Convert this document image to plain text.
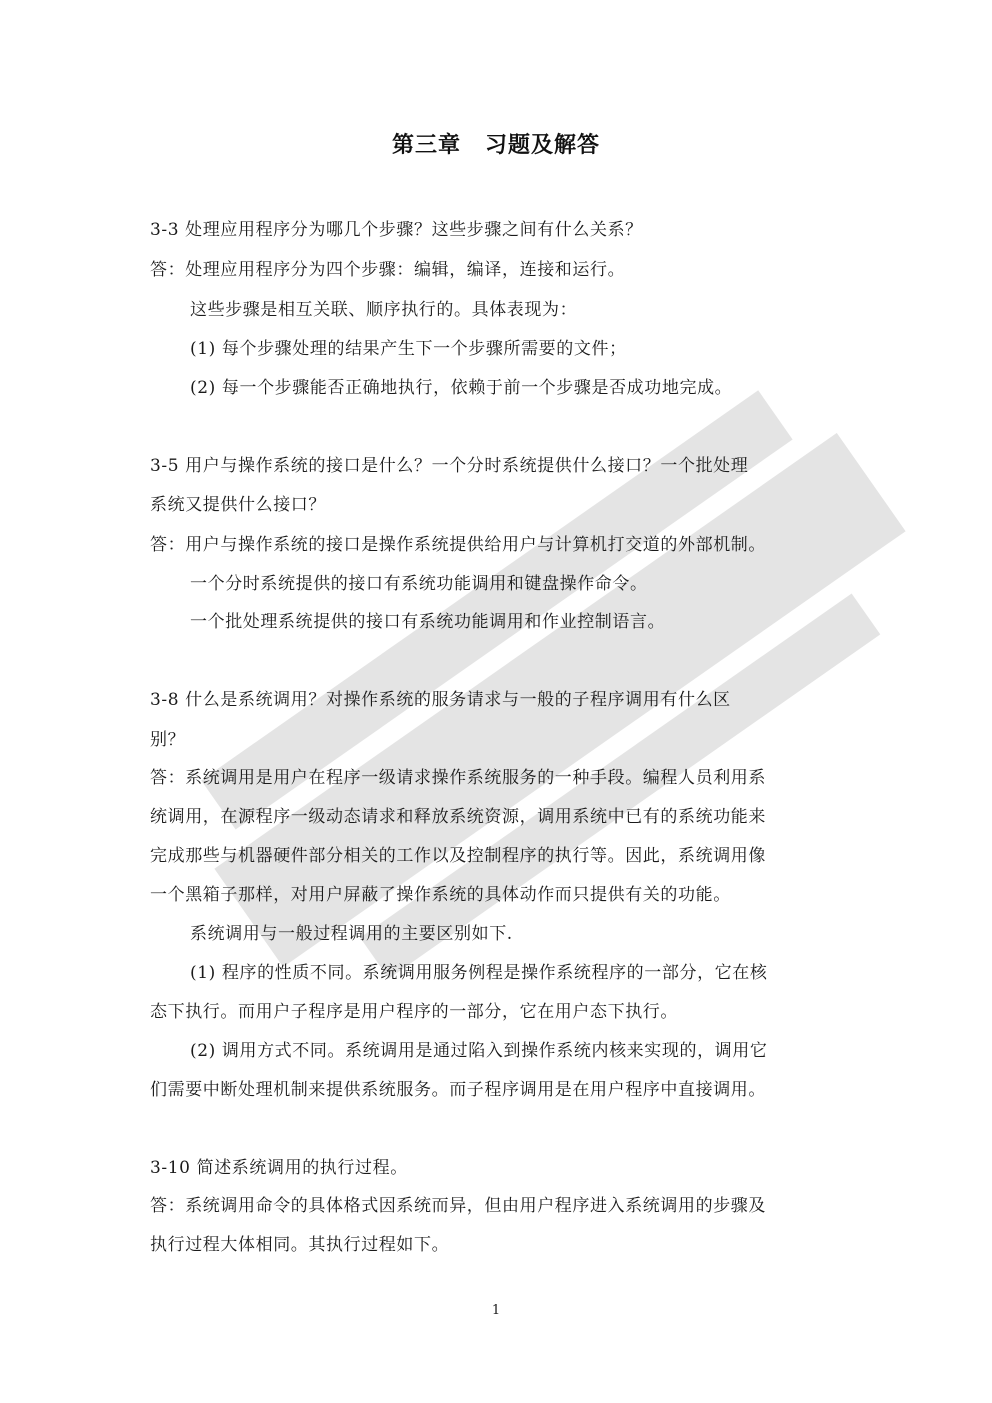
第三章 习题及解答
3-3 处理应用程序分为哪几个步骤？这些步骤之间有什么关系？
答：处理应用程序分为四个步骤：编辑，编译，连接和运行。
这些步骤是相互关联、顺序执行的。具体表现为：
(1) 每个步骤处理的结果产生下一个步骤所需要的文件；
(2) 每一个步骤能否正确地执行，依赖于前一个步骤是否成功地完成。
3-5 用户与操作系统的接口是什么？一个分时系统提供什么接口？一个批处理
系统又提供什么接口？
答：用户与操作系统的接口是操作系统提供给用户与计算机打交道的外部机制。
一个分时系统提供的接口有系统功能调用和键盘操作命令。
一个批处理系统提供的接口有系统功能调用和作业控制语言。
3-8 什么是系统调用？对操作系统的服务请求与一般的子程序调用有什么区
别？
答：系统调用是用户在程序一级请求操作系统服务的一种手段。编程人员利用系
统调用，在源程序一级动态请求和释放系统资源，调用系统中已有的系统功能来
完成那些与机器硬件部分相关的工作以及控制程序的执行等。因此，系统调用像
一个黑箱子那样，对用户屏蔽了操作系统的具体动作而只提供有关的功能。
系统调用与一般过程调用的主要区别如下.
(1) 程序的性质不同。系统调用服务例程是操作系统程序的一部分，它在核
态下执行。而用户子程序是用户程序的一部分，它在用户态下执行。
(2) 调用方式不同。系统调用是通过陷入到操作系统内核来实现的，调用它
们需要中断处理机制来提供系统服务。而子程序调用是在用户程序中直接调用。
3-10 简述系统调用的执行过程。
答：系统调用命令的具体格式因系统而异，但由用户程序进入系统调用的步骤及
执行过程大体相同。其执行过程如下。
1
